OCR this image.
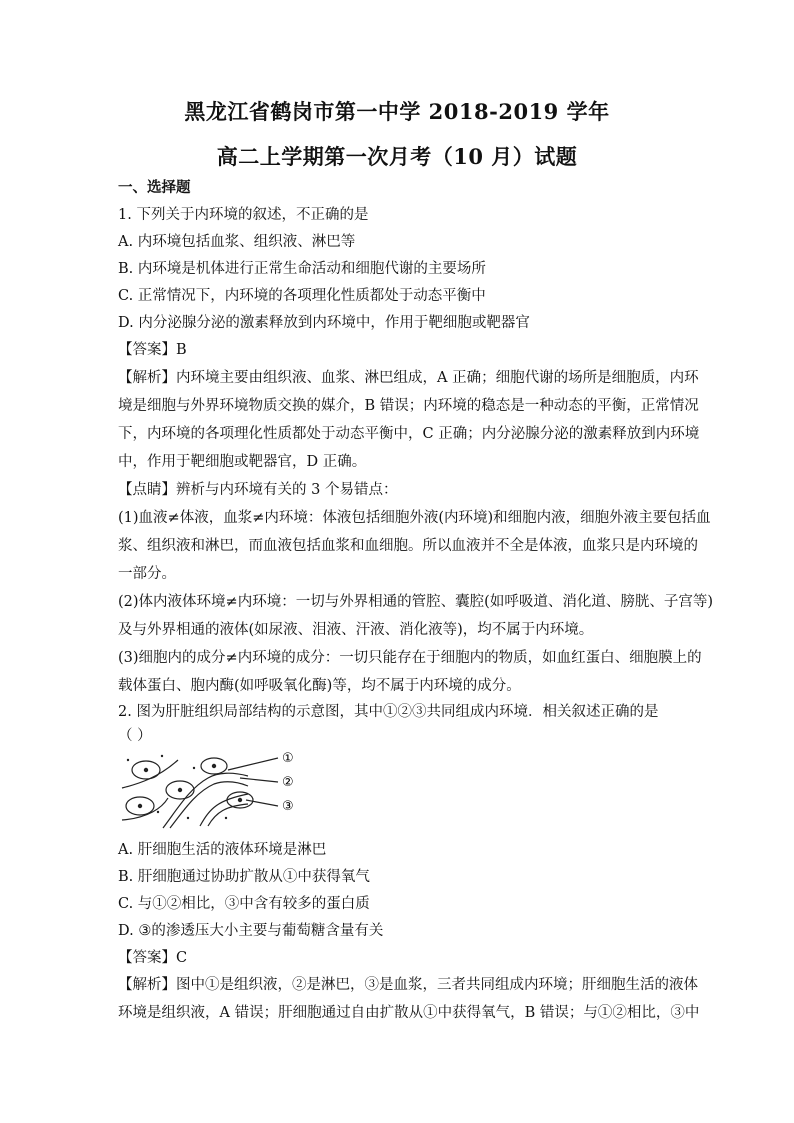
黑龙江省鹤岗市第一中学 2018-2019 学年
高二上学期第一次月考（10 月）试题
一、选择题
1. 下列关于内环境的叙述，不正确的是
A. 内环境包括血浆、组织液、淋巴等
B. 内环境是机体进行正常生命活动和细胞代谢的主要场所
C. 正常情况下，内环境的各项理化性质都处于动态平衡中
D. 内分泌腺分泌的激素释放到内环境中，作用于靶细胞或靶器官
【答案】B
【解析】内环境主要由组织液、血浆、淋巴组成，A 正确；细胞代谢的场所是细胞质，内环
境是细胞与外界环境物质交换的媒介，B 错误；内环境的稳态是一种动态的平衡，正常情况
下，内环境的各项理化性质都处于动态平衡中，C 正确；内分泌腺分泌的激素释放到内环境
中，作用于靶细胞或靶器官，D 正确。
【点睛】辨析与内环境有关的 3 个易错点：
(1)血液≠体液，血浆≠内环境：体液包括细胞外液(内环境)和细胞内液，细胞外液主要包括血
浆、组织液和淋巴，而血液包括血浆和血细胞。所以血液并不全是体液，血浆只是内环境的
一部分。
(2)体内液体环境≠内环境：一切与外界相通的管腔、囊腔(如呼吸道、消化道、膀胱、子宫等)
及与外界相通的液体(如尿液、泪液、汗液、消化液等)，均不属于内环境。
(3)细胞内的成分≠内环境的成分：一切只能存在于细胞内的物质，如血红蛋白、细胞膜上的
载体蛋白、胞内酶(如呼吸氧化酶)等，均不属于内环境的成分。
2. 图为肝脏组织局部结构的示意图，其中①②③共同组成内环境．相关叙述正确的是
（ ）
①
②
③
A. 肝细胞生活的液体环境是淋巴
B. 肝细胞通过协助扩散从①中获得氧气
C. 与①②相比，③中含有较多的蛋白质
D. ③的渗透压大小主要与葡萄糖含量有关
【答案】C
【解析】图中①是组织液，②是淋巴，③是血浆，三者共同组成内环境；肝细胞生活的液体
环境是组织液，A 错误；肝细胞通过自由扩散从①中获得氧气，B 错误；与①②相比，③中
